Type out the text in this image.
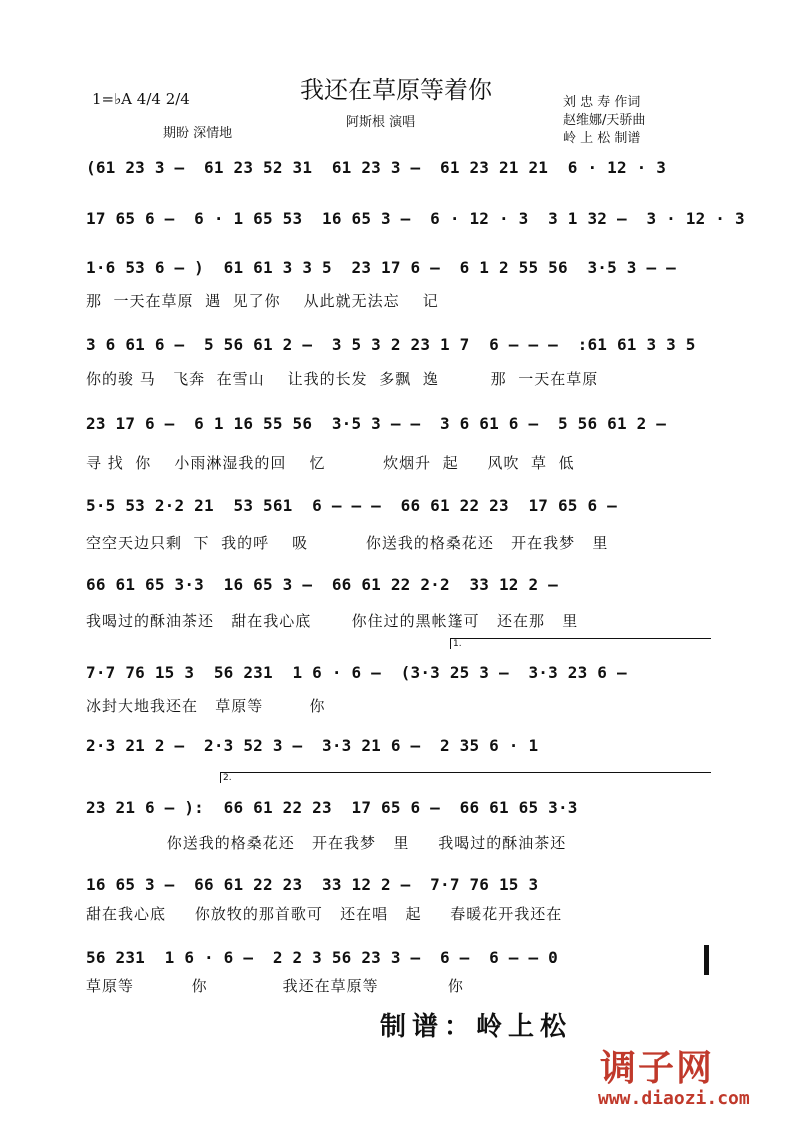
我还在草原等着你
1=♭A 4/4 2/4
期盼 深情地
阿斯根 演唱
刘 忠 寿 作词
赵维娜/天骄曲
岭 上 松 制谱
(61 23 3 –  61 23 52 31  61 23 3 –  61 23 21 21  6 · 12 · 3
17 65 6 –  6 · 1 65 53  16 65 3 –  6 · 12 · 3  3 1 32 –  3 · 12 · 3
1·6 53 6 – )  61 61 3 3 5  23 17 6 –  6 1 2 55 56  3·5 3 – –
那  一天在草原  遇  见了你    从此就无法忘    记
3 6 61 6 –  5 56 61 2 –  3 5 3 2 23 1 7  6 – – –  :61 61 3 3 5
你的骏 马   飞奔  在雪山    让我的长发  多飘  逸         那  一天在草原
23 17 6 –  6 1 16 55 56  3·5 3 – –  3 6 61 6 –  5 56 61 2 –
寻 找  你    小雨淋湿我的回    忆          炊烟升  起     风吹  草  低
5·5 53 2·2 21  53 561  6 – – –  66 61 22 23  17 65 6 –
空空天边只剩  下  我的呼    吸          你送我的格桑花还   开在我梦   里
66 61 65 3·3  16 65 3 –  66 61 22 2·2  33 12 2 –
我喝过的酥油茶还   甜在我心底       你住过的黑帐篷可   还在那   里
1.
7·7 76 15 3  56 231  1 6 · 6 –  (3·3 25 3 –  3·3 23 6 –
冰封大地我还在   草原等        你
2·3 21 2 –  2·3 52 3 –  3·3 21 6 –  2 35 6 · 1
2.
23 21 6 – ):  66 61 22 23  17 65 6 –  66 61 65 3·3
你送我的格桑花还   开在我梦   里     我喝过的酥油茶还
16 65 3 –  66 61 22 23  33 12 2 –  7·7 76 15 3
甜在我心底     你放牧的那首歌可   还在唱   起     春暖花开我还在
56 231  1 6 · 6 –  2 2 3 56 23 3 –  6 –  6 – – 0
草原等          你             我还在草原等            你
制谱：岭上松
调子网
www.diaozi.com
